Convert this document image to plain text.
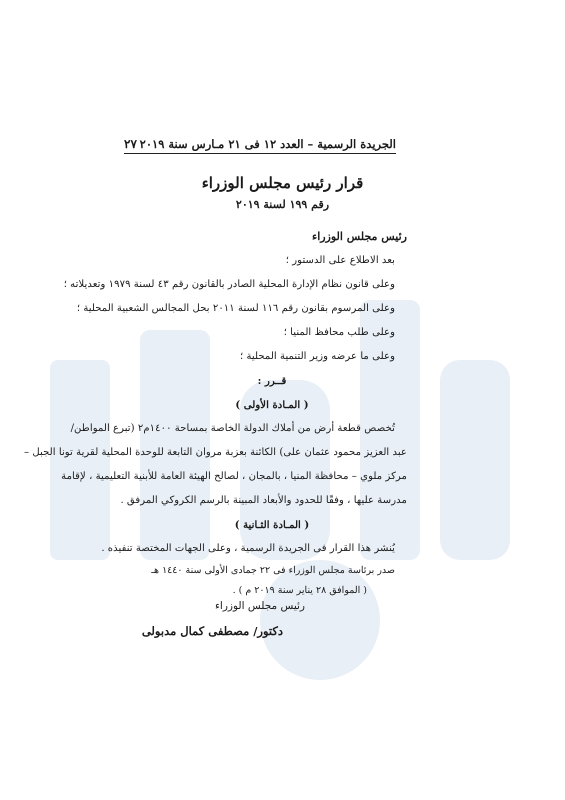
الجريدة الرسمية – العدد ١٢ فى ٢١ مـارس سنة ٢٠١٩
٢٧
قرار رئيس مجلس الوزراء
رقم ١٩٩ لسنة ٢٠١٩
رئيس مجلس الوزراء
بعد الاطلاع على الدستور ؛
وعلى قانون نظام الإدارة المحلية الصادر بالقانون رقم ٤٣ لسنة ١٩٧٩ وتعديلاته ؛
وعلى المرسوم بقانون رقم ١١٦ لسنة ٢٠١١ بحل المجالس الشعبية المحلية ؛
وعلى طلب محافظ المنيا ؛
وعلى ما عرضه وزير التنمية المحلية ؛
قــرر :
( المـادة الأولى )
تُخصص قطعة أرض من أملاك الدولة الخاصة بمساحة ١٤٠٠م٢ (تبرع المواطن/
عبد العزيز محمود عثمان على) الكائنة بعزبة مروان التابعة للوحدة المحلية لقرية تونا الجبل –
مركز ملوي – محافظة المنيا ، بالمجان ، لصالح الهيئة العامة للأبنية التعليمية ، لإقامة
مدرسة عليها ، وفقًا للحدود والأبعاد المبينة بالرسم الكروكي المرفق .
( المـادة الثـانية )
يُنشر هذا القرار فى الجريدة الرسمية ، وعلى الجهات المختصة تنفيذه .
صدر برئاسة مجلس الوزراء فى ٢٢ جمادى الأولى سنة ١٤٤٠ هـ
( الموافق ٢٨ يناير سنة ٢٠١٩ م ) .
رئيس مجلس الوزراء
دكتور/ مصطفى كمال مدبولى
